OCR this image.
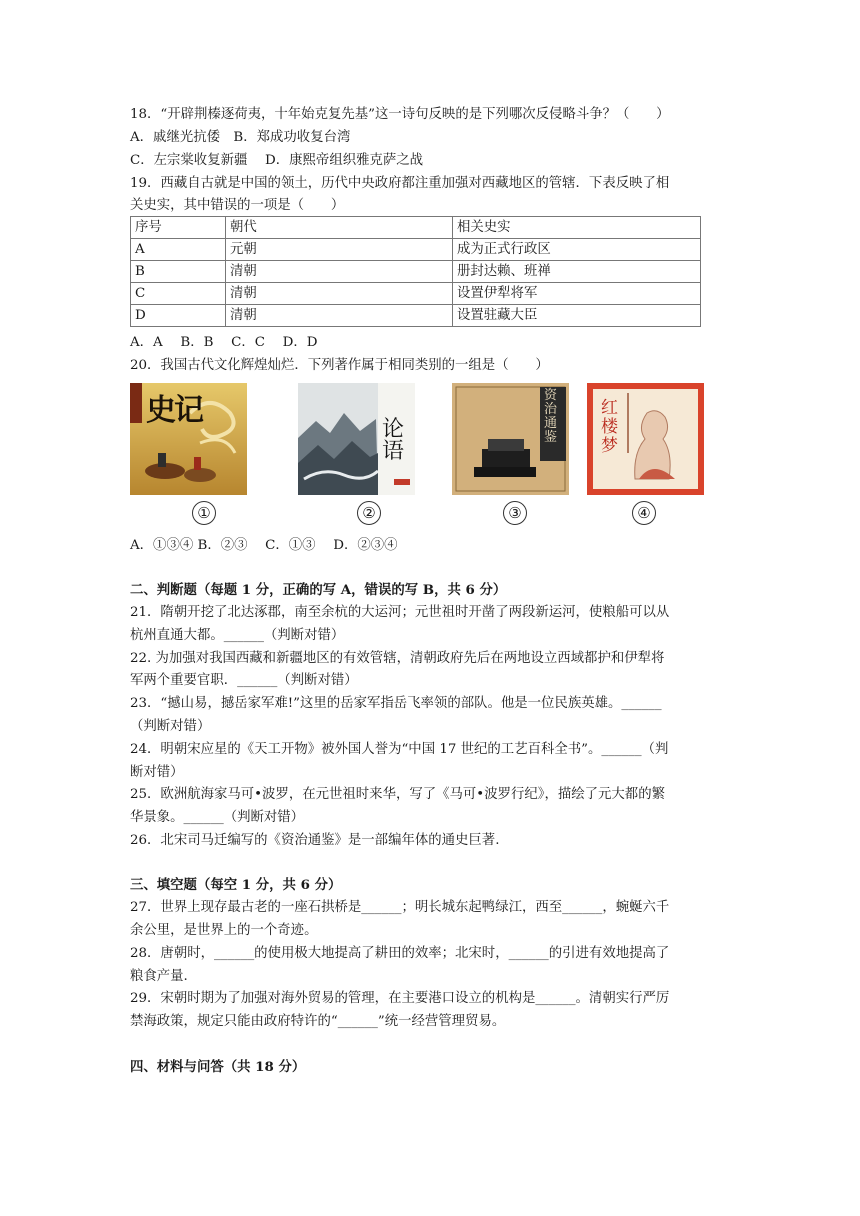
18．“开辟荆榛逐荷夷，十年始克复先基”这一诗句反映的是下列哪次反侵略斗争？（　　）
A．戚继光抗倭　B．郑成功收复台湾
C．左宗棠收复新疆　 D．康熙帝组织雅克萨之战
19．西藏自古就是中国的领土，历代中央政府都注重加强对西藏地区的管辖．下表反映了相
关史实，其中错误的一项是（　　）
序号	朝代	相关史实
A	元朝	成为正式行政区
B	清朝	册封达赖、班禅
C	清朝	设置伊犁将军
D	清朝	设置驻藏大臣
A．A　 B．B　 C．C　 D．D
20．我国古代文化辉煌灿烂．下列著作属于相同类别的一组是（　　）
史记
论语
资治通鉴
红楼梦
①	②	③	④
A．①③④ B．②③　 C．①③　 D．②③④
二、判断题（每题 1 分，正确的写 A，错误的写 B，共 6 分）
21．隋朝开挖了北达涿郡，南至余杭的大运河；元世祖时开凿了两段新运河，使粮船可以从
杭州直通大都。______（判断对错）
22. 为加强对我国西藏和新疆地区的有效管辖，清朝政府先后在两地设立西域都护和伊犁将
军两个重要官职．______（判断对错）
23．“撼山易，撼岳家军难!”这里的岳家军指岳飞率领的部队。他是一位民族英雄。______
（判断对错）
24．明朝宋应星的《天工开物》被外国人誉为“中国 17 世纪的工艺百科全书”。______（判
断对错）
25．欧洲航海家马可•波罗，在元世祖时来华，写了《马可•波罗行纪》，描绘了元大都的繁
华景象。______（判断对错）
26．北宋司马迁编写的《资治通鉴》是一部编年体的通史巨著.
三、填空题（每空 1 分，共 6 分）
27．世界上现存最古老的一座石拱桥是______；明长城东起鸭绿江，西至______，蜿蜒六千
余公里，是世界上的一个奇迹。
28．唐朝时，______的使用极大地提高了耕田的效率；北宋时，______的引进有效地提高了
粮食产量.
29．宋朝时期为了加强对海外贸易的管理，在主要港口设立的机构是______。清朝实行严厉
禁海政策，规定只能由政府特许的“______”统一经营管理贸易。
四、材料与问答（共 18 分）
